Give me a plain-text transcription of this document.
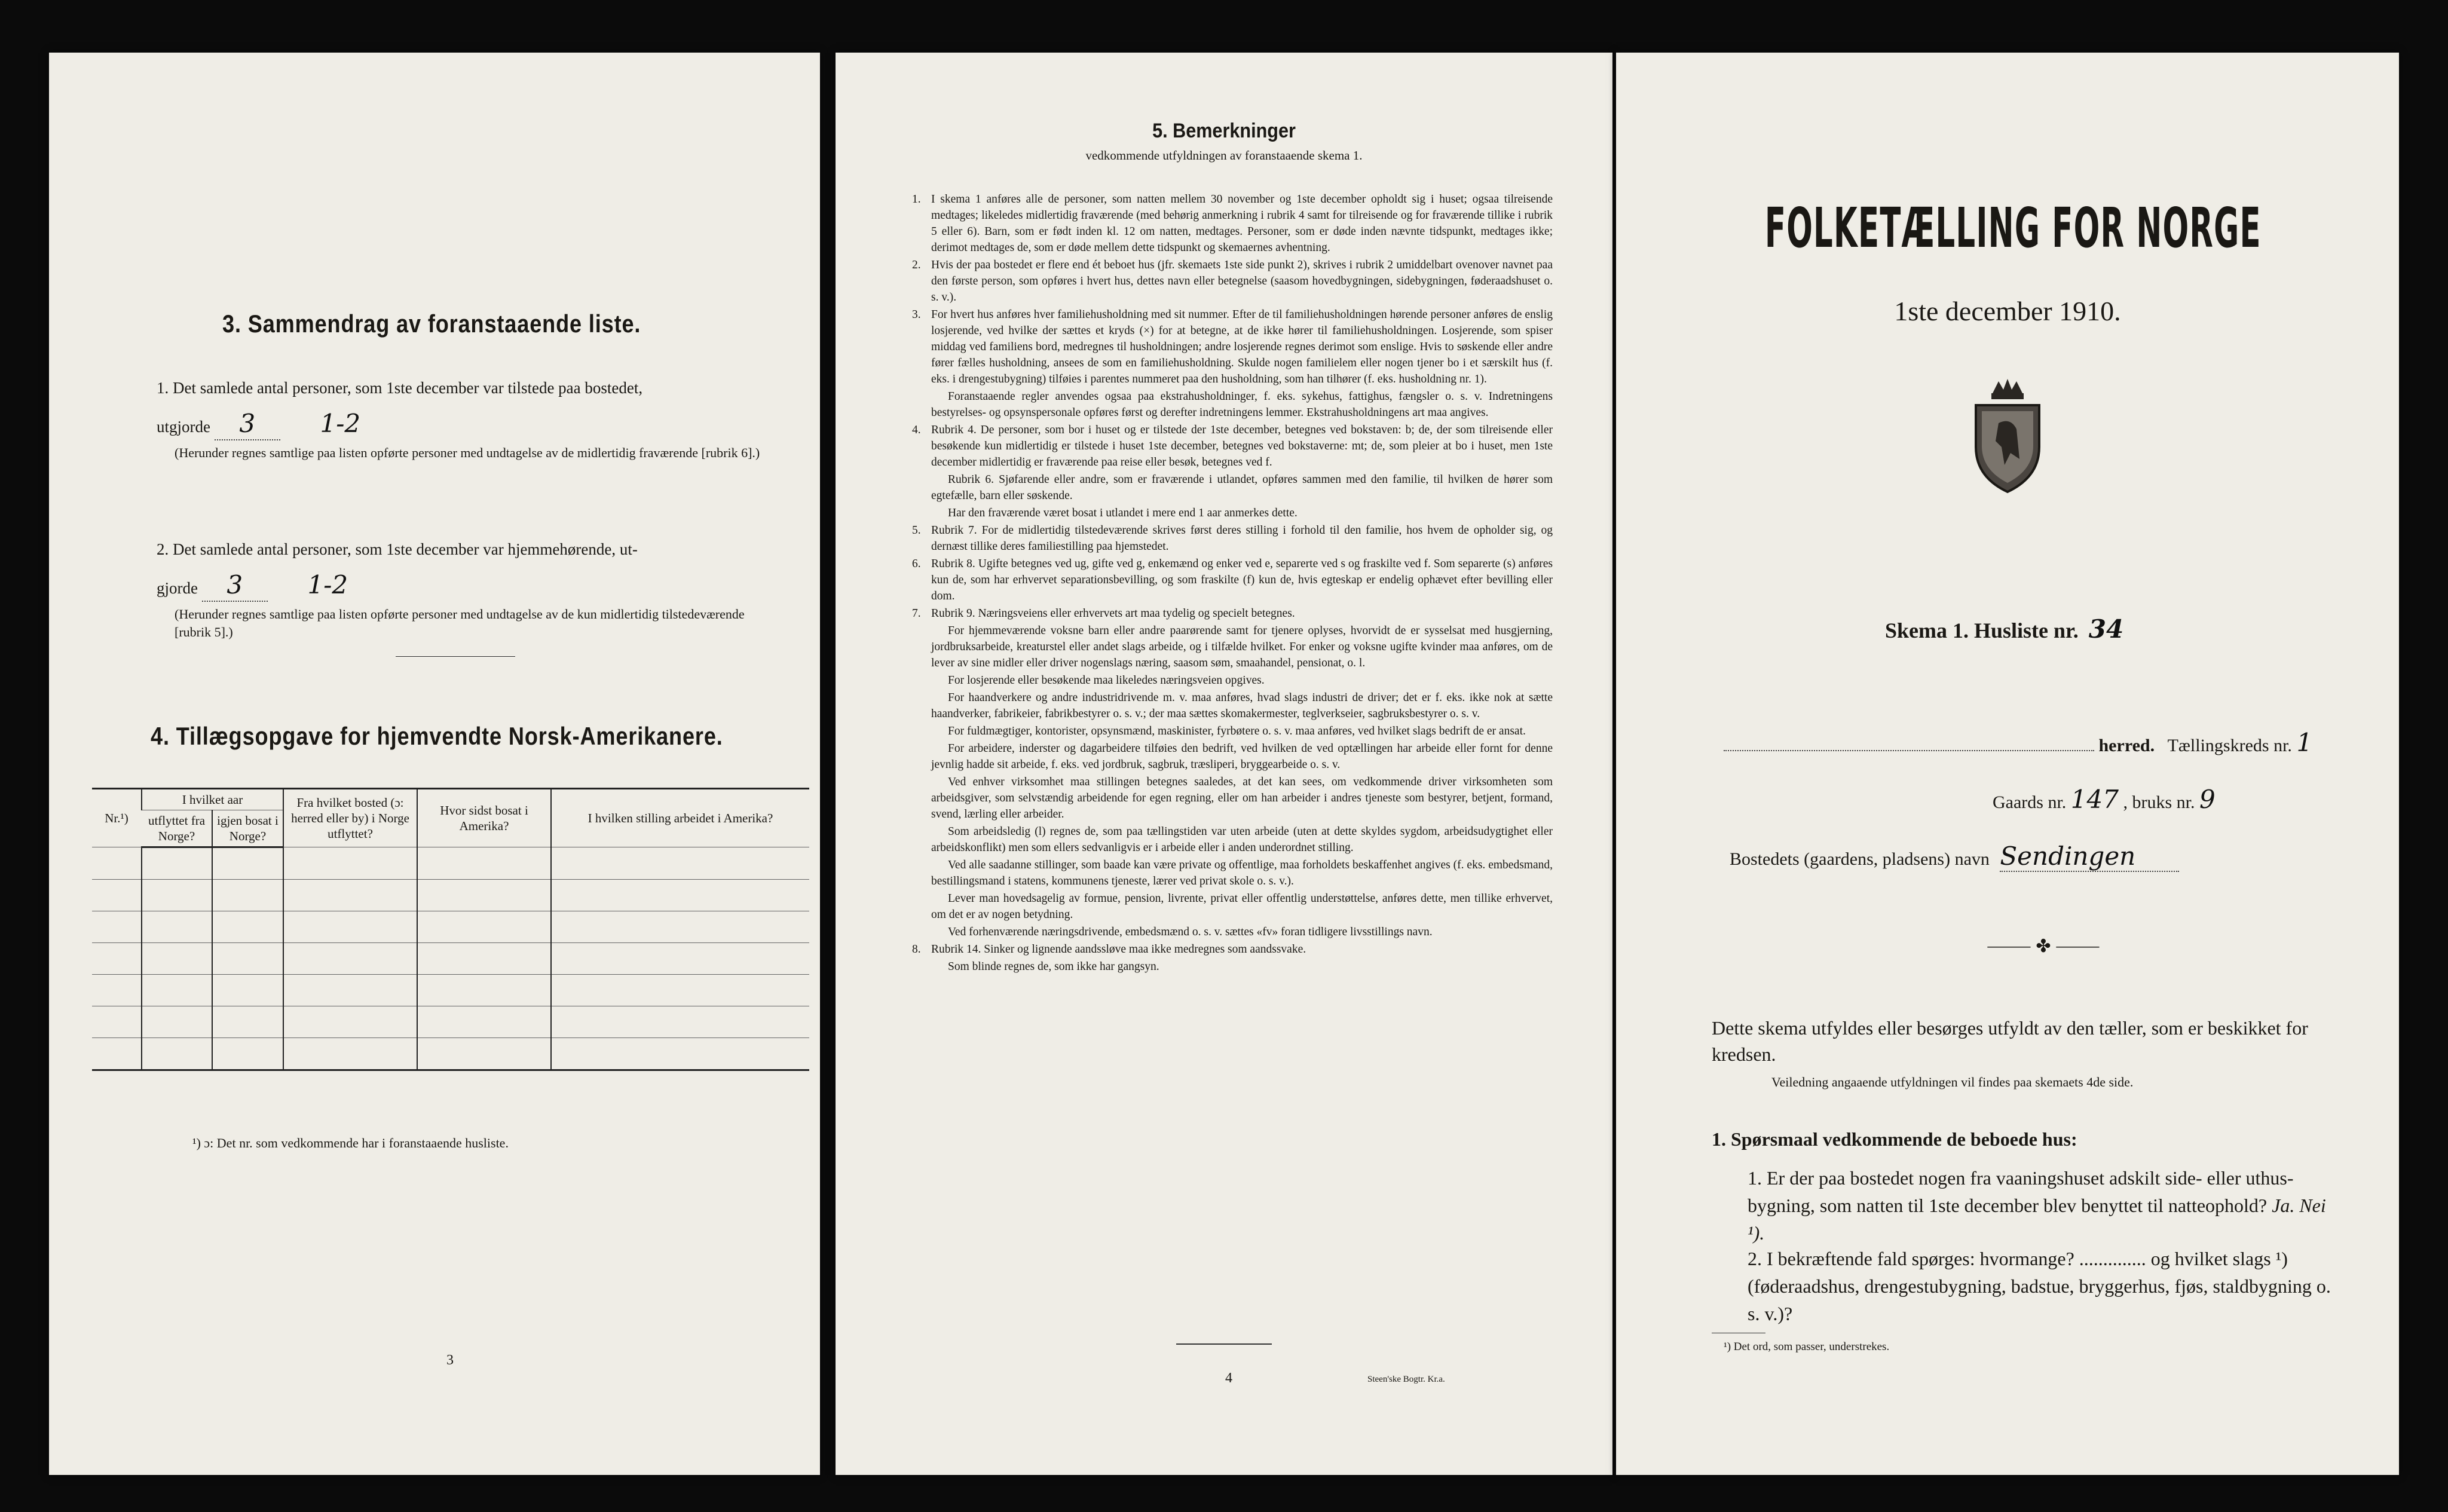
3. Sammendrag av foranstaaende liste.
1. Det samlede antal personer, som 1ste december var tilstede paa bostedet,
utgjorde 3	1-2
(Herunder regnes samtlige paa listen opførte personer med undtagelse av de midlertidig fraværende [rubrik 6].)
2. Det samlede antal personer, som 1ste december var hjemmehørende, ut-
gjorde 3	1-2
(Herunder regnes samtlige paa listen opførte personer med undtagelse av de kun midlertidig tilstedeværende [rubrik 5].)
4. Tillægsopgave for hjemvendte Norsk-Amerikanere.
Nr.¹)	I hvilket aar		Fra hvilket bosted (ɔ: herred eller by) i Norge utflyttet?	Hvor sidst bosat i Amerika?	I hvilken stilling arbeidet i Amerika?
	utflyttet fra Norge?	igjen bosat i Norge?			

¹) ɔ: Det nr. som vedkommende har i foranstaaende husliste.
3
5. Bemerkninger
vedkommende utfyldningen av foranstaaende skema 1.

1. I skema 1 anføres alle de personer, som natten mellem 30 november og 1ste december opholdt sig i huset; ogsaa tilreisende medtages; likeledes midlertidig fraværende (med behørig anmerkning i rubrik 4 samt for tilreisende og for fraværende tillike i rubrik 5 eller 6). Barn, som er født inden kl. 12 om natten, medtages. Personer, som er døde inden nævnte tidspunkt, medtages ikke; derimot medtages de, som er døde mellem dette tidspunkt og skemaernes avhentning.

2. Hvis der paa bostedet er flere end ét beboet hus (jfr. skemaets 1ste side punkt 2), skrives i rubrik 2 umiddelbart ovenover navnet paa den første person, som opføres i hvert hus, dettes navn eller betegnelse (saasom hovedbygningen, sidebygningen, føderaadshuset o. s. v.).

3. For hvert hus anføres hver familiehusholdning med sit nummer. Efter de til familiehusholdningen hørende personer anføres de enslig losjerende, ved hvilke der sættes et kryds (×) for at betegne, at de ikke hører til familiehusholdningen. Losjerende, som spiser middag ved familiens bord, medregnes til husholdningen; andre losjerende regnes derimot som enslige. Hvis to søskende eller andre fører fælles husholdning, ansees de som en familiehusholdning. Skulde nogen familielem eller nogen tjener bo i et særskilt hus (f. eks. i drengestubygning) tilføies i parentes nummeret paa den husholdning, som han tilhører (f. eks. husholdning nr. 1).

Foranstaaende regler anvendes ogsaa paa ekstrahusholdninger, f. eks. sykehus, fattighus, fængsler o. s. v. Indretningens bestyrelses- og opsynspersonale opføres først og derefter indretningens lemmer. Ekstrahusholdningens art maa angives.

4. Rubrik 4. De personer, som bor i huset og er tilstede der 1ste december, betegnes ved bokstaven: b; de, der som tilreisende eller besøkende kun midlertidig er tilstede i huset 1ste december, betegnes ved bokstaverne: mt; de, som pleier at bo i huset, men 1ste december midlertidig er fraværende paa reise eller besøk, betegnes ved f.

Rubrik 6. Sjøfarende eller andre, som er fraværende i utlandet, opføres sammen med den familie, til hvilken de hører som egtefælle, barn eller søskende.

Har den fraværende været bosat i utlandet i mere end 1 aar anmerkes dette.

5. Rubrik 7. For de midlertidig tilstedeværende skrives først deres stilling i forhold til den familie, hos hvem de opholder sig, og dernæst tillike deres familiestilling paa hjemstedet.

6. Rubrik 8. Ugifte betegnes ved ug, gifte ved g, enkemænd og enker ved e, separerte ved s og fraskilte ved f. Som separerte (s) anføres kun de, som har erhvervet separationsbevilling, og som fraskilte (f) kun de, hvis egteskap er endelig ophævet efter bevilling eller dom.

7. Rubrik 9. Næringsveiens eller erhvervets art maa tydelig og specielt betegnes.

For hjemmeværende voksne barn eller andre paarørende samt for tjenere oplyses, hvorvidt de er sysselsat med husgjerning, jordbruksarbeide, kreaturstel eller andet slags arbeide, og i tilfælde hvilket. For enker og voksne ugifte kvinder maa anføres, om de lever av sine midler eller driver nogenslags næring, saasom søm, smaahandel, pensionat, o. l.

For losjerende eller besøkende maa likeledes næringsveien opgives.

For haandverkere og andre industridrivende m. v. maa anføres, hvad slags industri de driver; det er f. eks. ikke nok at sætte haandverker, fabrikeier, fabrikbestyrer o. s. v.; der maa sættes skomakermester, teglverkseier, sagbruksbestyrer o. s. v.

For fuldmægtiger, kontorister, opsynsmænd, maskinister, fyrbøtere o. s. v. maa anføres, ved hvilket slags bedrift de er ansat.

For arbeidere, inderster og dagarbeidere tilføies den bedrift, ved hvilken de ved optællingen har arbeide eller fornt for denne jevnlig hadde sit arbeide, f. eks. ved jordbruk, sagbruk, træsliperi, bryggearbeide o. s. v.

Ved enhver virksomhet maa stillingen betegnes saaledes, at det kan sees, om vedkommende driver virksomheten som arbeidsgiver, som selvstændig arbeidende for egen regning, eller om han arbeider i andres tjeneste som bestyrer, betjent, formand, svend, lærling eller arbeider.

Som arbeidsledig (l) regnes de, som paa tællingstiden var uten arbeide (uten at dette skyldes sygdom, arbeidsudygtighet eller arbeidskonflikt) men som ellers sedvanligvis er i arbeide eller i anden underordnet stilling.

Ved alle saadanne stillinger, som baade kan være private og offentlige, maa forholdets beskaffenhet angives (f. eks. embedsmand, bestillingsmand i statens, kommunens tjeneste, lærer ved privat skole o. s. v.).

Lever man hovedsagelig av formue, pension, livrente, privat eller offentlig understøttelse, anføres dette, men tillike erhvervet, om det er av nogen betydning.

Ved forhenværende næringsdrivende, embedsmænd o. s. v. sættes «fv» foran tidligere livsstillings navn.

8. Rubrik 14. Sinker og lignende aandssløve maa ikke medregnes som aandssvake.

Som blinde regnes de, som ikke har gangsyn.

4	Steen'ske Bogtr. Kr.a.
FOLKETÆLLING FOR NORGE
1ste december 1910.
Skema 1. Husliste nr. 34
herred. Tællingskreds nr. 1
Gaards nr. 147 , bruks nr. 9
Bostedets (gaardens, pladsens) navn Sendingen
⸻ ✤ ⸻
Dette skema utfyldes eller besørges utfyldt av den tæller, som er beskikket for kredsen.
Veiledning angaaende utfyldningen vil findes paa skemaets 4de side.
1. Spørsmaal vedkommende de beboede hus:
1. Er der paa bostedet nogen fra vaaningshuset adskilt side- eller uthus-bygning, som natten til 1ste december blev benyttet til natteophold? Ja. Nei ¹).
2. I bekræftende fald spørges: hvormange? .............. og hvilket slags ¹) (føderaadshus, drengestubygning, badstue, bryggerhus, fjøs, staldbygning o. s. v.)?
¹) Det ord, som passer, understrekes.
